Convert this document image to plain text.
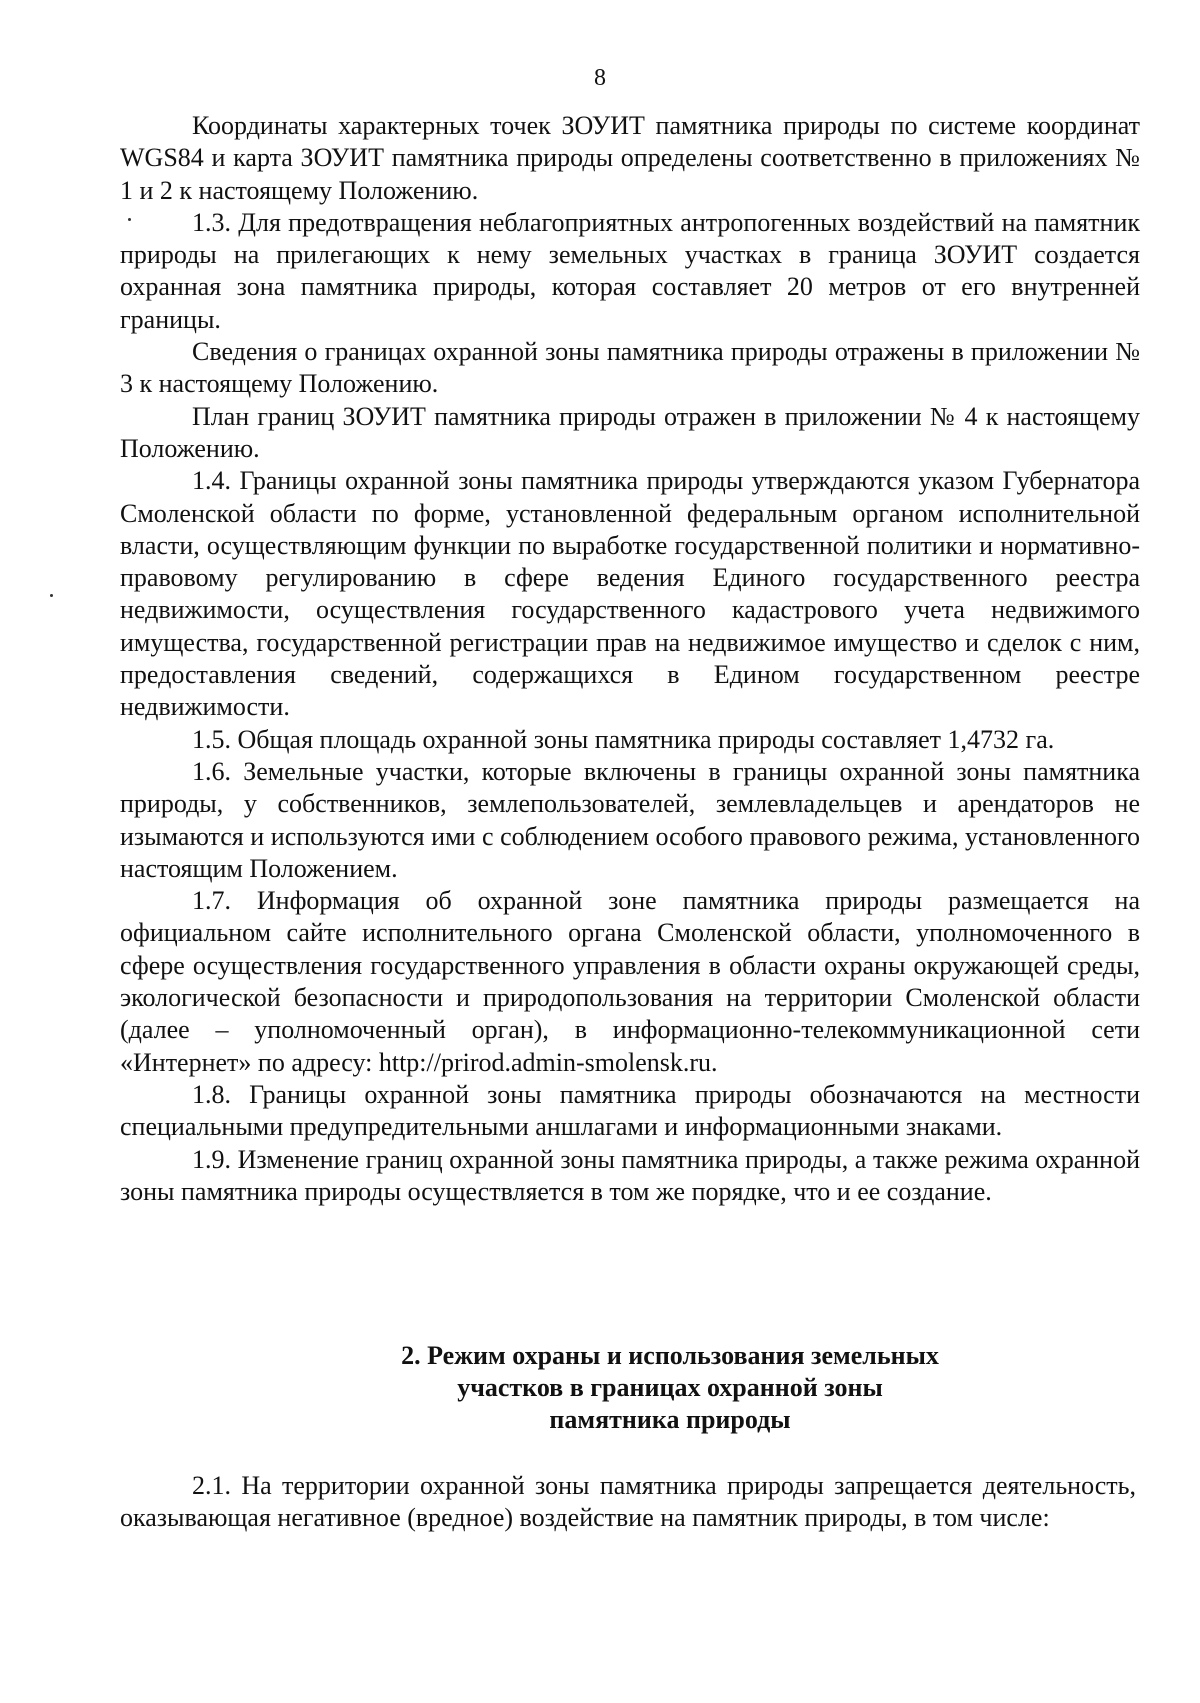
8

Координаты характерных точек ЗОУИТ памятника природы по системе координат WGS84 и карта ЗОУИТ памятника природы определены соответственно в приложениях № 1 и 2 к настоящему Положению.

1.3. Для предотвращения неблагоприятных антропогенных воздействий на памятник природы на прилегающих к нему земельных участках в граница ЗОУИТ создается охранная зона памятника природы, которая составляет 20 метров от его внутренней границы.

Сведения о границах охранной зоны памятника природы отражены в приложении № 3 к настоящему Положению.

План границ ЗОУИТ памятника природы отражен в приложении № 4 к настоящему Положению.

1.4. Границы охранной зоны памятника природы утверждаются указом Губернатора Смоленской области по форме, установленной федеральным органом исполнительной власти, осуществляющим функции по выработке государственной политики и нормативно-правовому регулированию в сфере ведения Единого государственного реестра недвижимости, осуществления государственного кадастрового учета недвижимого имущества, государственной регистрации прав на недвижимое имущество и сделок с ним, предоставления сведений, содержащихся в Едином государственном реестре недвижимости.

1.5. Общая площадь охранной зоны памятника природы составляет 1,4732 га.

1.6. Земельные участки, которые включены в границы охранной зоны памятника природы, у собственников, землепользователей, землевладельцев и арендаторов не изымаются и используются ими с соблюдением особого правового режима, установленного настоящим Положением.

1.7. Информация об охранной зоне памятника природы размещается на официальном сайте исполнительного органа Смоленской области, уполномоченного в сфере осуществления государственного управления в области охраны окружающей среды, экологической безопасности и природопользования на территории Смоленской области (далее – уполномоченный орган), в информационно-телекоммуникационной сети «Интернет» по адресу: http://prirod.admin-smolensk.ru.

1.8. Границы охранной зоны памятника природы обозначаются на местности специальными предупредительными аншлагами и информационными знаками.

1.9. Изменение границ охранной зоны памятника природы, а также режима охранной зоны памятника природы осуществляется в том же порядке, что и ее создание.

2. Режим охраны и использования земельных
участков в границах охранной зоны
памятника природы

2.1. На территории охранной зоны памятника природы запрещается деятельность, оказывающая негативное (вредное) воздействие на памятник природы, в том числе:
